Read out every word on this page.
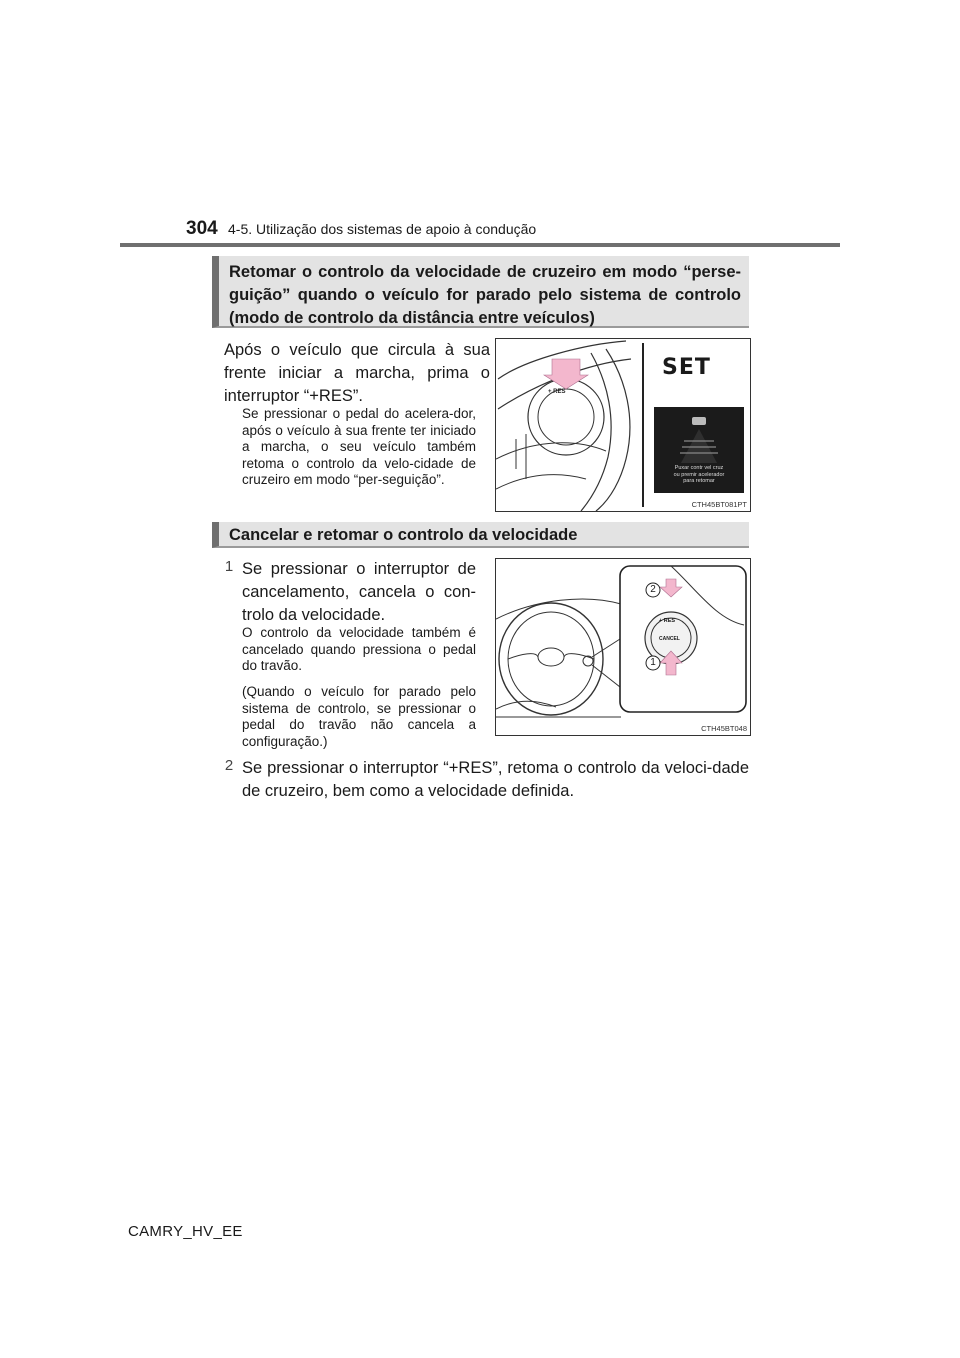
304 4-5. Utilização dos sistemas de apoio à condução
Retomar o controlo da velocidade de cruzeiro em modo “perse-guição” quando o veículo for parado pelo sistema de controlo (modo de controlo da distância entre veículos)
Após o veículo que circula à sua frente iniciar a marcha, prima o interruptor “+RES”.
Se pressionar o pedal do acelera-dor, após o veículo à sua frente ter iniciado a marcha, o seu veículo também retoma o controlo da velo-cidade de cruzeiro em modo “per-seguição”.
SET
+ RES
Puxar contr vel cruz
ou premir acelerador
para retomar
CTH45BT081PT
Cancelar e retomar o controlo da velocidade
1 Se pressionar o interruptor de cancelamento, cancela o con-trolo da velocidade.
O controlo da velocidade também é cancelado quando pressiona o pedal do travão.
(Quando o veículo for parado pelo sistema de controlo, se pressionar o pedal do travão não cancela a configuração.)
2
1
+ RES
CANCEL
CTH45BT048
2 Se pressionar o interruptor “+RES”, retoma o controlo da veloci-dade de cruzeiro, bem como a velocidade definida.
CAMRY_HV_EE
